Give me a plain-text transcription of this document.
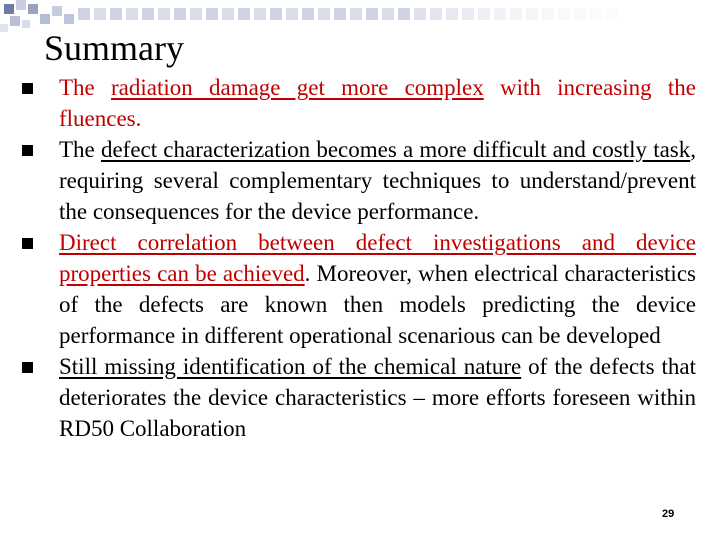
Summary
The radiation damage get more complex with increasing the fluences.
The defect characterization becomes a more difficult and costly task, requiring several complementary techniques to understand/prevent the consequences for the device performance.
Direct correlation between defect investigations and device properties can be achieved. Moreover, when electrical characteristics of the defects are known then models predicting the device performance in different operational scenarious can be developed
Still missing identification of the chemical nature of the defects that deteriorates the device characteristics – more efforts foreseen within RD50 Collaboration
29
